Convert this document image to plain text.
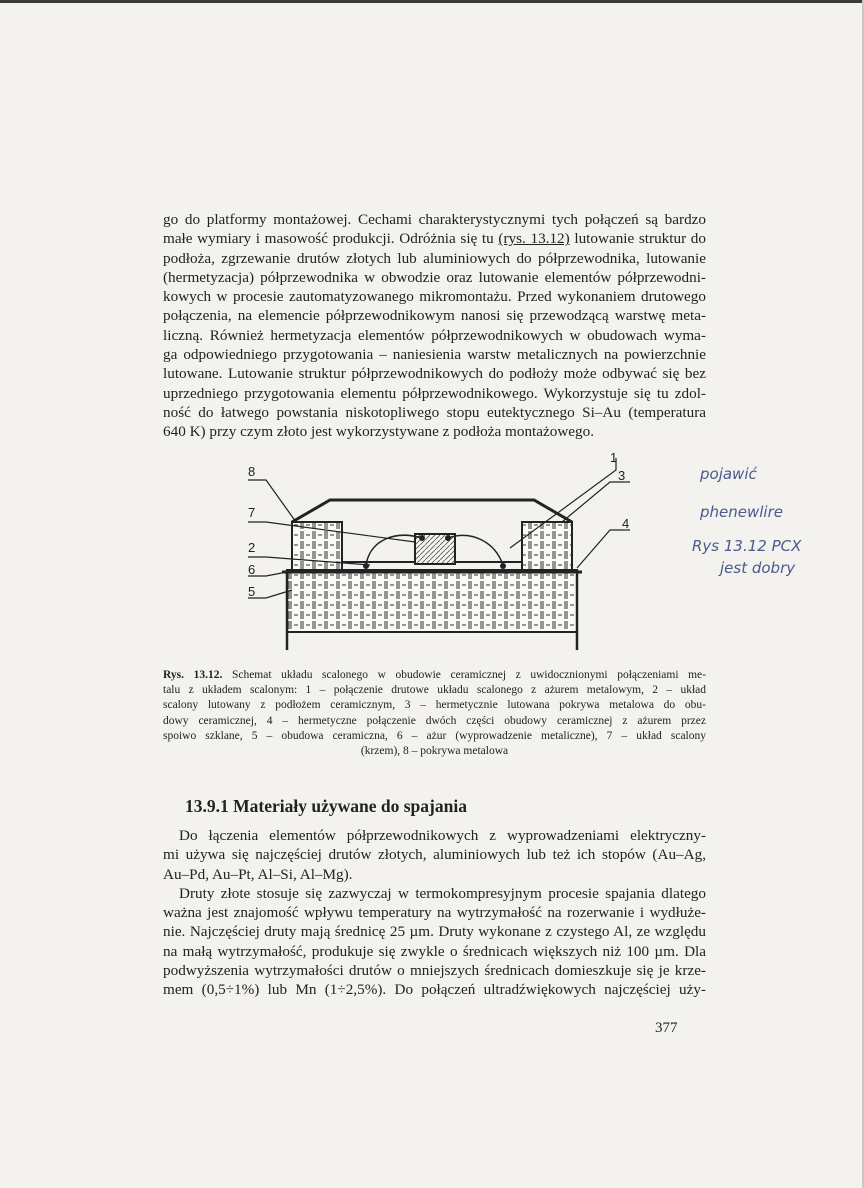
go do platformy montażowej. Cechami charakterystycznymi tych połączeń są bardzo
małe wymiary i masowość produkcji. Odróżnia się tu (rys. 13.12) lutowanie struktur do
podłoża, zgrzewanie drutów złotych lub aluminiowych do półprzewodnika, lutowanie
(hermetyzacja) półprzewodnika w obwodzie oraz lutowanie elementów półprzewodni-
kowych w procesie zautomatyzowanego mikromontażu. Przed wykonaniem drutowego
połączenia, na elemencie półprzewodnikowym nanosi się przewodzącą warstwę meta-
liczną. Również hermetyzacja elementów półprzewodnikowych w obudowach wyma-
ga odpowiedniego przygotowania – naniesienia warstw metalicznych na powierzchnie
lutowane. Lutowanie struktur półprzewodnikowych do podłoży może odbywać się bez
uprzedniego przygotowania elementu półprzewodnikowego. Wykorzystuje się tu zdol-
ność do łatwego powstania niskotopliwego stopu eutektycznego Si–Au (temperatura
640 K) przy czym złoto jest wykorzystywane z podłoża montażowego.
8
7
2
6
5
1
3
4
pojawić
phenewlire
Rys 13.12 PCX
jest dobry
Rys. 13.12. Schemat układu scalonego w obudowie ceramicznej z uwidocznionymi połączeniami me-
talu z układem scalonym: 1 – połączenie drutowe układu scalonego z ażurem metalowym, 2 – układ
scalony lutowany z podłożem ceramicznym, 3 – hermetycznie lutowana pokrywa metalowa do obu-
dowy ceramicznej, 4 – hermetyczne połączenie dwóch części obudowy ceramicznej z ażurem przez
spoiwo szklane, 5 – obudowa ceramiczna, 6 – ażur (wyprowadzenie metaliczne), 7 – układ scalony
(krzem), 8 – pokrywa metalowa
13.9.1 Materiały używane do spajania
Do łączenia elementów półprzewodnikowych z wyprowadzeniami elektryczny-
mi używa się najczęściej drutów złotych, aluminiowych lub też ich stopów (Au–Ag,
Au–Pd, Au–Pt, Al–Si, Al–Mg).
Druty złote stosuje się zazwyczaj w termokompresyjnym procesie spajania dlatego
ważna jest znajomość wpływu temperatury na wytrzymałość na rozerwanie i wydłuże-
nie. Najczęściej druty mają średnicę 25 µm. Druty wykonane z czystego Al, ze względu
na małą wytrzymałość, produkuje się zwykle o średnicach większych niż 100 µm. Dla
podwyższenia wytrzymałości drutów o mniejszych średnicach domieszkuje się je krze-
mem (0,5÷1%) lub Mn (1÷2,5%). Do połączeń ultradźwiękowych najczęściej uży-
377
